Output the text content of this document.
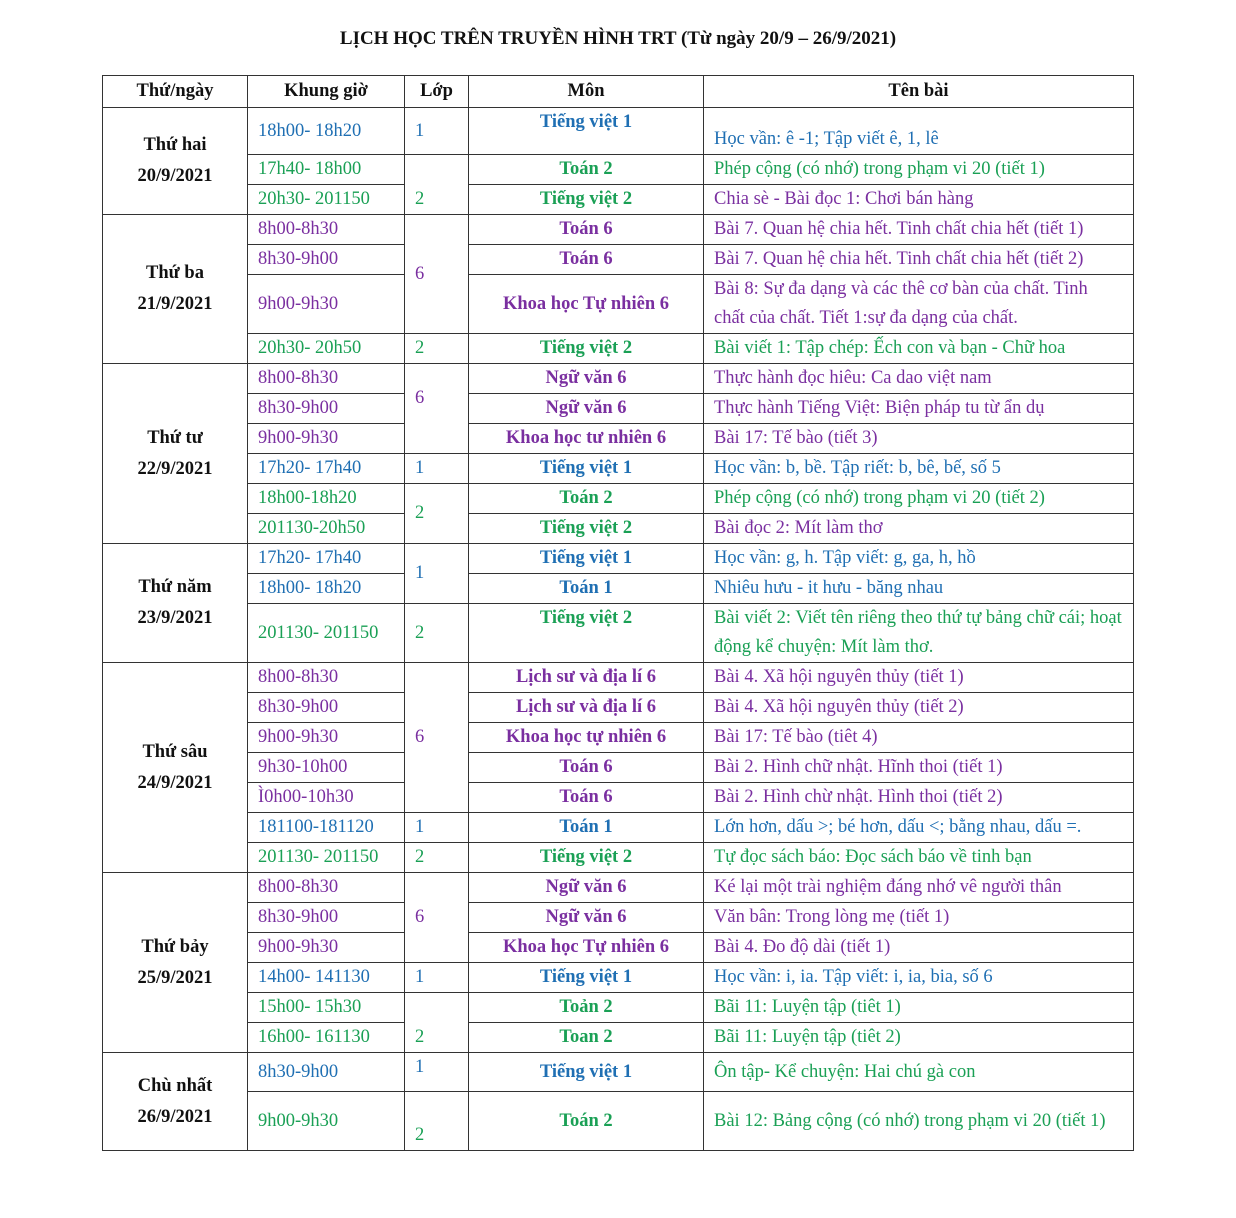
LỊCH HỌC TRÊN TRUYỀN HÌNH TRT (Từ ngày 20/9 – 26/9/2021)
Thứ/ngày	Khung giờ	Lớp	Môn	Tên bài
Thứ hai
20/9/2021	18h00- 18h20	1	Tiếng việt 1	Học vần: ê -1; Tập viết ê, 1, lê
	17h40- 18h00	2	Toán 2	Phép cộng (có nhớ) trong phạm vi 20 (tiết 1)
	20h30- 201150		Tiếng việt 2	Chia sè - Bài đọc 1: Chơi bán hàng
Thứ ba
21/9/2021	8h00-8h30	6	Toán 6	Bài 7. Quan hệ chia hết. Tinh chất chia hết (tiết 1)
	8h30-9h00		Toán 6	Bài 7. Quan hệ chia hết. Tinh chất chia hết (tiết 2)
	9h00-9h30		Khoa học Tự nhiên 6	Bài 8: Sự đa dạng và các thê cơ bàn của chất. Tinh chất của chất. Tiết 1:sự đa dạng của chất.
	20h30- 20h50	2	Tiếng việt 2	Bài viết 1: Tập chép: Ếch con và bạn - Chữ hoa
Thứ tư
22/9/2021	8h00-8h30	6	Ngữ văn 6	Thực hành đọc hiêu: Ca dao việt nam
	8h30-9h00		Ngữ văn 6	Thực hành Tiếng Việt: Biện pháp tu từ ẩn dụ
	9h00-9h30		Khoa học tư nhiên 6	Bài 17: Tế bào (tiết 3)
	17h20- 17h40	1	Tiếng việt 1	Học vần: b, bề. Tập riết: b, bê, bế, số 5
	18h00-18h20	2	Toán 2	Phép cộng (có nhớ) trong phạm vi 20 (tiết 2)
	201130-20h50		Tiếng việt 2	Bài đọc 2: Mít làm thơ
Thứ năm
23/9/2021	17h20- 17h40	1	Tiếng việt 1	Học vần: g, h. Tập viết: g, ga, h, hồ
	18h00- 18h20		Toán 1	Nhiêu hưu - it hưu - băng nhau
	201130- 201150	2	Tiếng việt 2	Bài viết 2: Viết tên riêng theo thứ tự bảng chữ cái; hoạt động kể chuyện: Mít làm thơ.
Thứ sâu
24/9/2021	8h00-8h30	6	Lịch sư và địa lí 6	Bài 4. Xã hội nguyên thủy (tiết 1)
	8h30-9h00		Lịch sư và địa lí 6	Bài 4. Xã hội nguyên thủy (tiết 2)
	9h00-9h30		Khoa học tự nhiên 6	Bài 17: Tế bào (tiêt 4)
	9h30-10h00		Toán 6	Bài 2. Hình chữ nhật. Hĩnh thoi (tiết 1)
	Ì0h00-10h30		Toán 6	Bài 2. Hình chừ nhật. Hình thoi (tiết 2)
	181100-181120	1	Toán 1	Lớn hơn, dấu >; bé hơn, dấu <; bằng nhau, dấu =.
	201130- 201150	2	Tiếng việt 2	Tự đọc sách báo: Đọc sách báo về tinh bạn
Thứ bảy
25/9/2021	8h00-8h30	6	Ngữ văn 6	Ké lại một trài nghiệm đáng nhớ vê người thân
	8h30-9h00		Ngữ văn 6	Văn bân: Trong lòng mẹ (tiết 1)
	9h00-9h30		Khoa học Tự nhiên 6	Bài 4. Đo độ dài (tiết 1)
	14h00- 141130	1	Tiếng việt 1	Học vần: i, ia. Tập viết: i, ia, bia, số 6
	15h00- 15h30	2	Toản 2	Bãi 11: Luyện tập (tiêt 1)
	16h00- 161130		Toan 2	Bãi 11: Luyện tập (tiêt 2)
Chù nhất
26/9/2021	8h30-9h00	1	Tiếng việt 1	Ôn tập- Kể chuyện: Hai chú gà con
	9h00-9h30	2	Toán 2	Bài 12: Bảng cộng (có nhớ) trong phạm vi 20 (tiết 1)
